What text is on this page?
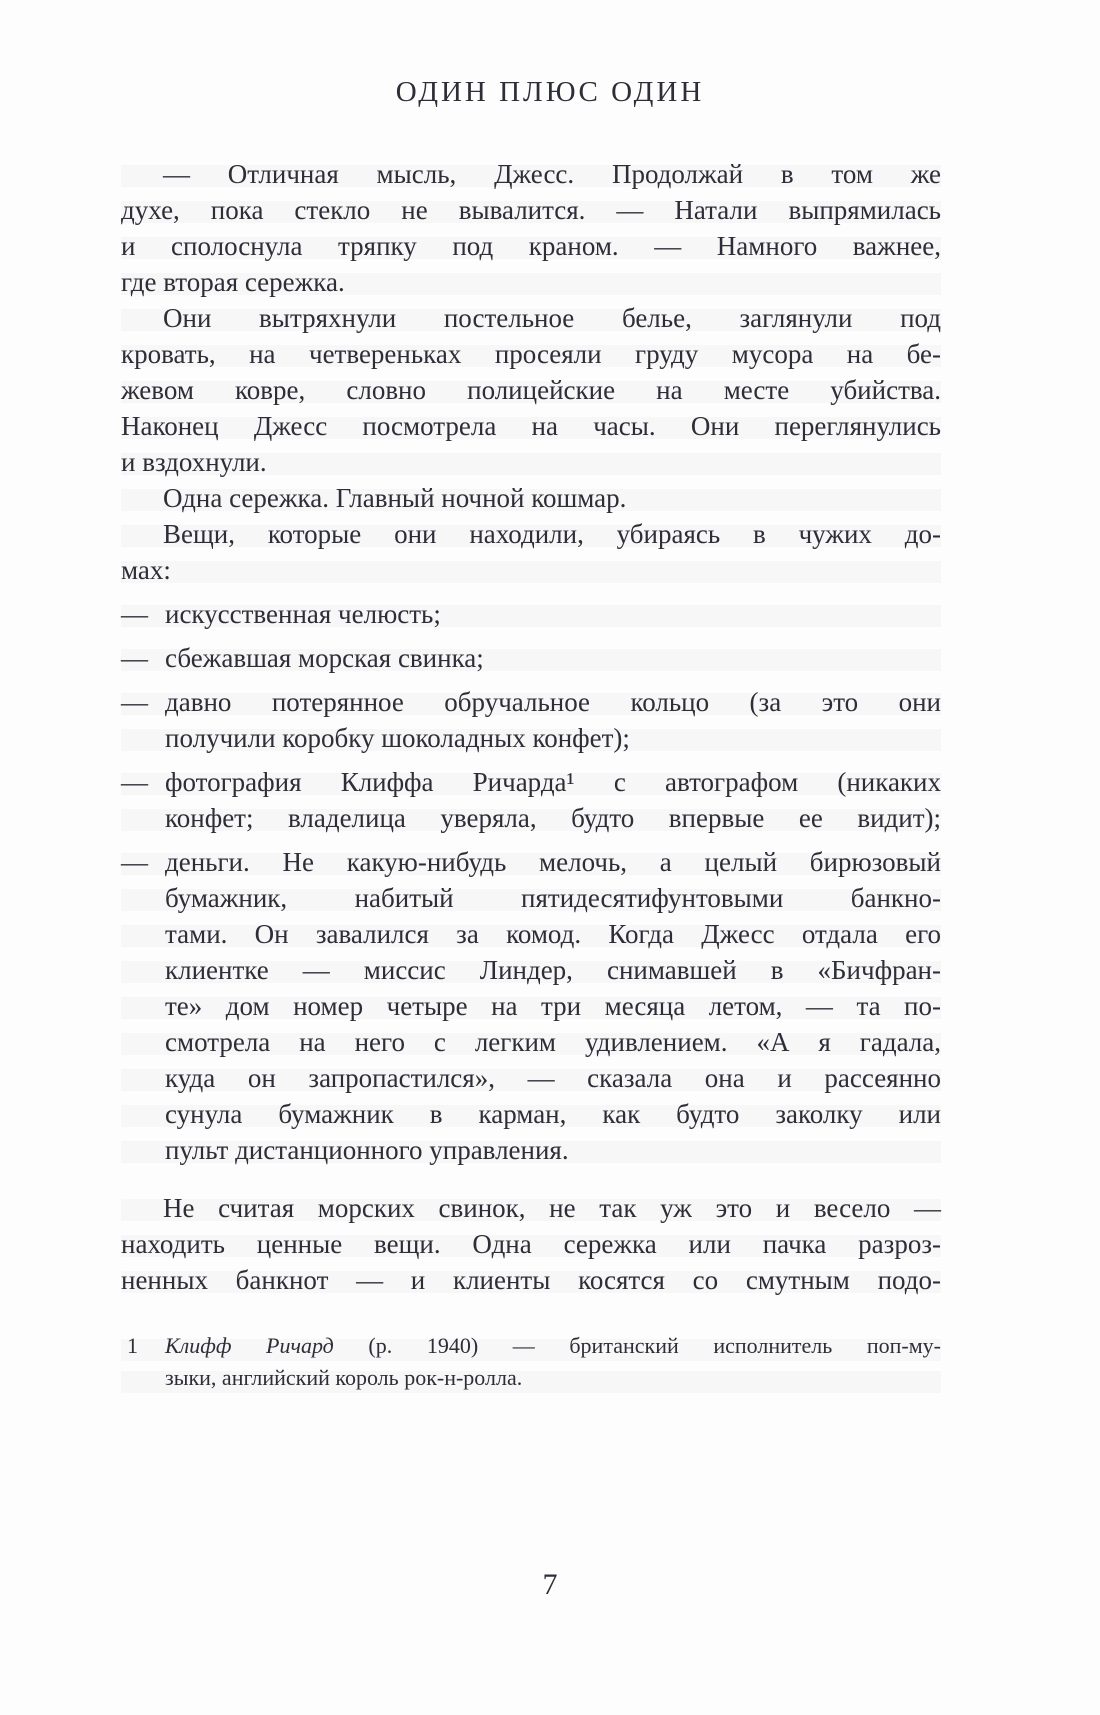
ОДИН ПЛЮС ОДИН
— Отличная мысль, Джесс. Продолжай в том же
духе, пока стекло не вывалится. — Натали выпрямилась
и сполоснула тряпку под краном. — Намного важнее,
где вторая сережка.
Они вытряхнули постельное белье, заглянули под
кровать, на четвереньках просеяли груду мусора на бе-
жевом ковре, словно полицейские на месте убийства.
Наконец Джесс посмотрела на часы. Они переглянулись
и вздохнули.
Одна сережка. Главный ночной кошмар.
Вещи, которые они находили, убираясь в чужих до-
мах:
— искусственная челюсть;
— сбежавшая морская свинка;
— давно потерянное обручальное кольцо (за это они
получили коробку шоколадных конфет);
— фотография Клиффа Ричарда¹ с автографом (никаких
конфет; владелица уверяла, будто впервые ее видит);
— деньги. Не какую-нибудь мелочь, а целый бирюзовый
бумажник, набитый пятидесятифунтовыми банкно-
тами. Он завалился за комод. Когда Джесс отдала его
клиентке — миссис Линдер, снимавшей в «Бичфран-
те» дом номер четыре на три месяца летом, — та по-
смотрела на него с легким удивлением. «А я гадала,
куда он запропастился», — сказала она и рассеянно
сунула бумажник в карман, как будто заколку или
пульт дистанционного управления.
Не считая морских свинок, не так уж это и весело —
находить ценные вещи. Одна сережка или пачка разроз-
ненных банкнот — и клиенты косятся со смутным подо-
1 Клифф Ричард (р. 1940) — британский исполнитель поп-му-
зыки, английский король рок-н-ролла.
7
